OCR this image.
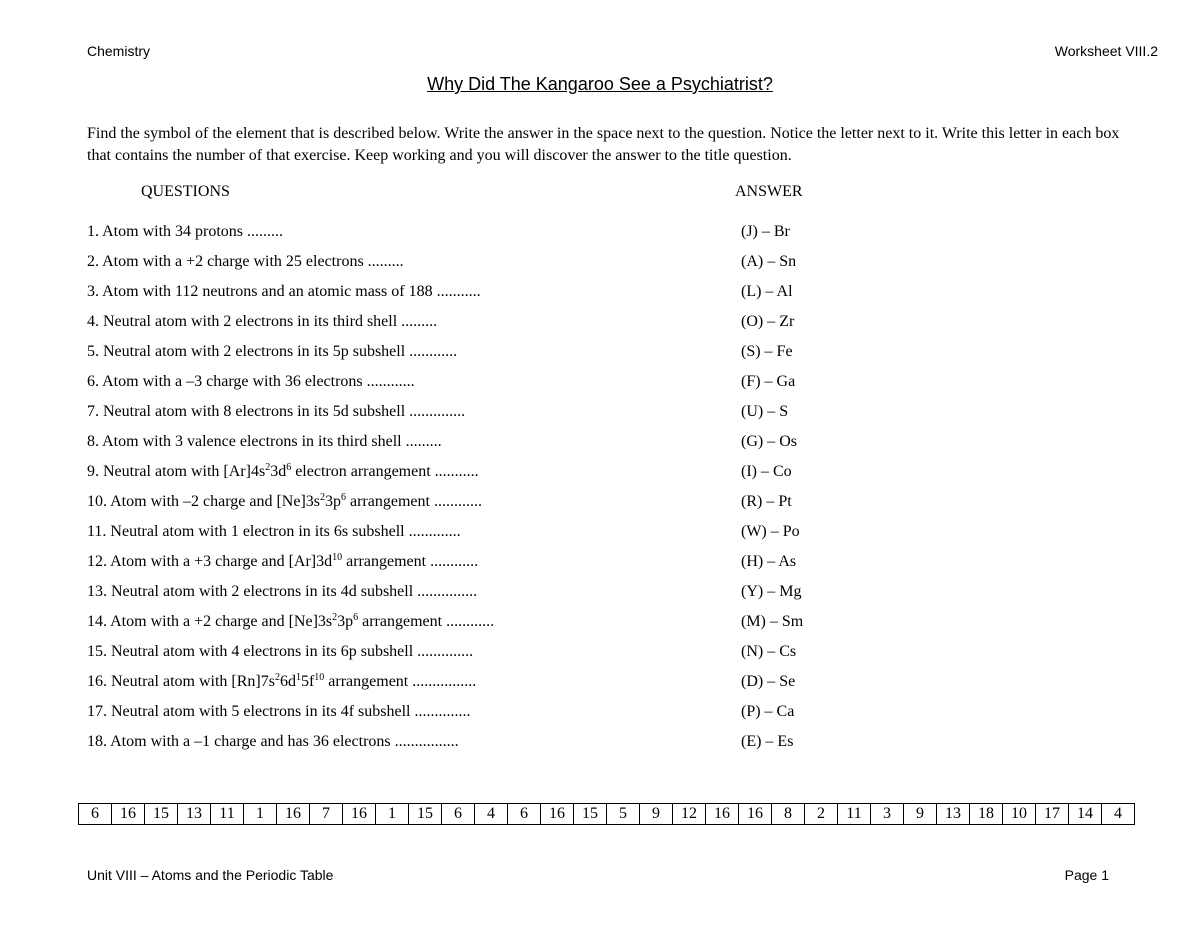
Chemistry	Worksheet VIII.2
Why Did The Kangaroo See a Psychiatrist?
Find the symbol of the element that is described below. Write the answer in the space next to the question. Notice the letter next to it. Write this letter in each box that contains the number of that exercise. Keep working and you will discover the answer to the title question.
QUESTIONS	ANSWER
1. Atom with 34 protons .........	(J) – Br
2. Atom with a +2 charge with 25 electrons .........	(A) – Sn
3. Atom with 112 neutrons and an atomic mass of 188 ...........	(L) – Al
4. Neutral atom with 2 electrons in its third shell .........	(O) – Zr
5. Neutral atom with 2 electrons in its 5p subshell ............	(S) – Fe
6. Atom with a –3 charge with 36 electrons ............	(F) – Ga
7. Neutral atom with 8 electrons in its 5d subshell ..............	(U) – S
8. Atom with 3 valence electrons in its third shell .........	(G) – Os
9. Neutral atom with $[Ar]4s^23d^6$ electron arrangement ...........	(I) – Co
10. Atom with –2 charge and $[Ne]3s^23p^6$ arrangement ............	(R) – Pt
11. Neutral atom with 1 electron in its 6s subshell .............	(W) – Po
12. Atom with a +3 charge and $[Ar]3d^{10}$ arrangement ............	(H) – As
13. Neutral atom with 2 electrons in its 4d subshell ...............	(Y) – Mg
14. Atom with a +2 charge and $[Ne]3s^23p^6$ arrangement ............	(M) – Sm
15. Neutral atom with 4 electrons in its 6p subshell ..............	(N) – Cs
16. Neutral atom with $[Rn]7s^26d^15f^{10}$ arrangement ................	(D) – Se
17. Neutral atom with 5 electrons in its 4f subshell ..............	(P) – Ca
18. Atom with a –1 charge and has 36 electrons ................	(E) – Es
6	16	15	13	11	1	16	7	16	1	15	6	4	6	16	15	5	9	12	16	16	8	2	11	3	9	13	18	10	17	14	4
Unit VIII – Atoms and the Periodic Table	Page 1
